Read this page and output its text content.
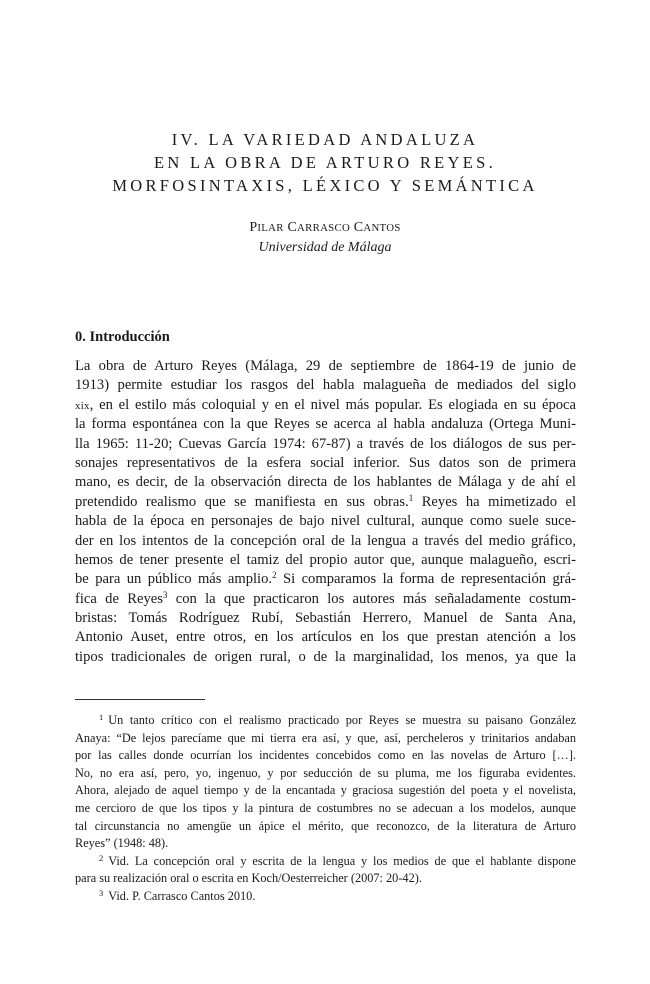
IV. LA VARIEDAD ANDALUZA
EN LA OBRA DE ARTURO REYES.
MORFOSINTAXIS, LÉXICO Y SEMÁNTICA
PILAR CARRASCO CANTOS
Universidad de Málaga
0. Introducción
La obra de Arturo Reyes (Málaga, 29 de septiembre de 1864-19 de junio de
1913) permite estudiar los rasgos del habla malagueña de mediados del siglo
xix, en el estilo más coloquial y en el nivel más popular. Es elogiada en su época
la forma espontánea con la que Reyes se acerca al habla andaluza (Ortega Muni-
lla 1965: 11-20; Cuevas García 1974: 67-87) a través de los diálogos de sus per-
sonajes representativos de la esfera social inferior. Sus datos son de primera
mano, es decir, de la observación directa de los hablantes de Málaga y de ahí el
pretendido realismo que se manifiesta en sus obras.$^1$ Reyes ha mimetizado el
habla de la época en personajes de bajo nivel cultural, aunque como suele suce-
der en los intentos de la concepción oral de la lengua a través del medio gráfico,
hemos de tener presente el tamiz del propio autor que, aunque malagueño, escri-
be para un público más amplio.$^2$ Si comparamos la forma de representación grá-
fica de Reyes$^3$ con la que practicaron los autores más señaladamente costum-
bristas: Tomás Rodríguez Rubí, Sebastián Herrero, Manuel de Santa Ana,
Antonio Auset, entre otros, en los artículos en los que prestan atención a los
tipos tradicionales de origen rural, o de la marginalidad, los menos, ya que la
$^1$ Un tanto crítico con el realismo practicado por Reyes se muestra su paisano González
Anaya: “De lejos parecíame que mi tierra era así, y que, así, percheleros y trinitarios andaban
por las calles donde ocurrían los incidentes concebidos como en las novelas de Arturo […].
No, no era así, pero, yo, ingenuo, y por seducción de su pluma, me los figuraba evidentes.
Ahora, alejado de aquel tiempo y de la encantada y graciosa sugestión del poeta y el novelista,
me cercioro de que los tipos y la pintura de costumbres no se adecuan a los modelos, aunque
tal circunstancia no amengüe un ápice el mérito, que reconozco, de la literatura de Arturo
Reyes” (1948: 48).
$^2$ Vid. La concepción oral y escrita de la lengua y los medios de que el hablante dispone
para su realización oral o escrita en Koch/Oesterreicher (2007: 20-42).
$^3$ Vid. P. Carrasco Cantos 2010.
